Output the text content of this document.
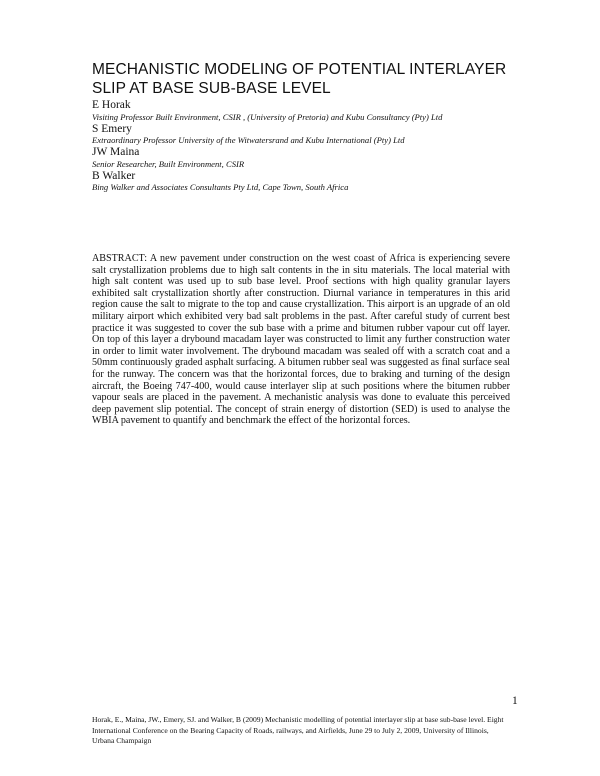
MECHANISTIC MODELING OF POTENTIAL INTERLAYER SLIP AT BASE SUB-BASE LEVEL

E Horak
Visiting Professor Built Environment, CSIR , (University of Pretoria) and Kubu Consultancy (Pty) Ltd

S Emery
Extraordinary Professor University of the Witwatersrand and Kubu International (Pty) Ltd

JW Maina
Senior Researcher, Built Environment, CSIR

B Walker
Bing Walker and Associates Consultants Pty Ltd, Cape Town, South Africa

ABSTRACT: A new pavement under construction on the west coast of Africa is experiencing severe salt crystallization problems due to high salt contents in the in situ materials. The local material with high salt content was used up to sub base level. Proof sections with high quality granular layers exhibited salt crystallization shortly after construction. Diurnal variance in temperatures in this arid region cause the salt to migrate to the top and cause crystallization. This airport is an upgrade of an old military airport which exhibited very bad salt problems in the past. After careful study of current best practice it was suggested to cover the sub base with a prime and bitumen rubber vapour cut off layer. On top of this layer a drybound macadam layer was constructed to limit any further construction water in order to limit water involvement. The drybound macadam was sealed off with a scratch coat and a 50mm continuously graded asphalt surfacing. A bitumen rubber seal was suggested as final surface seal for the runway. The concern was that the horizontal forces, due to braking and turning of the design aircraft, the Boeing 747-400, would cause interlayer slip at such positions where the bitumen rubber vapour seals are placed in the pavement. A mechanistic analysis was done to evaluate this perceived deep pavement slip potential. The concept of strain energy of distortion (SED) is used to analyse the WBIA pavement to quantify and benchmark the effect of the horizontal forces.

1

Horak, E., Maina, JW., Emery, SJ. and Walker, B (2009) Mechanistic modelling of potential interlayer slip at base sub-base level. Eight International Conference on the Bearing Capacity of Roads, railways, and Airfields, June 29 to July 2, 2009, University of Illinois, Urbana Champaign
